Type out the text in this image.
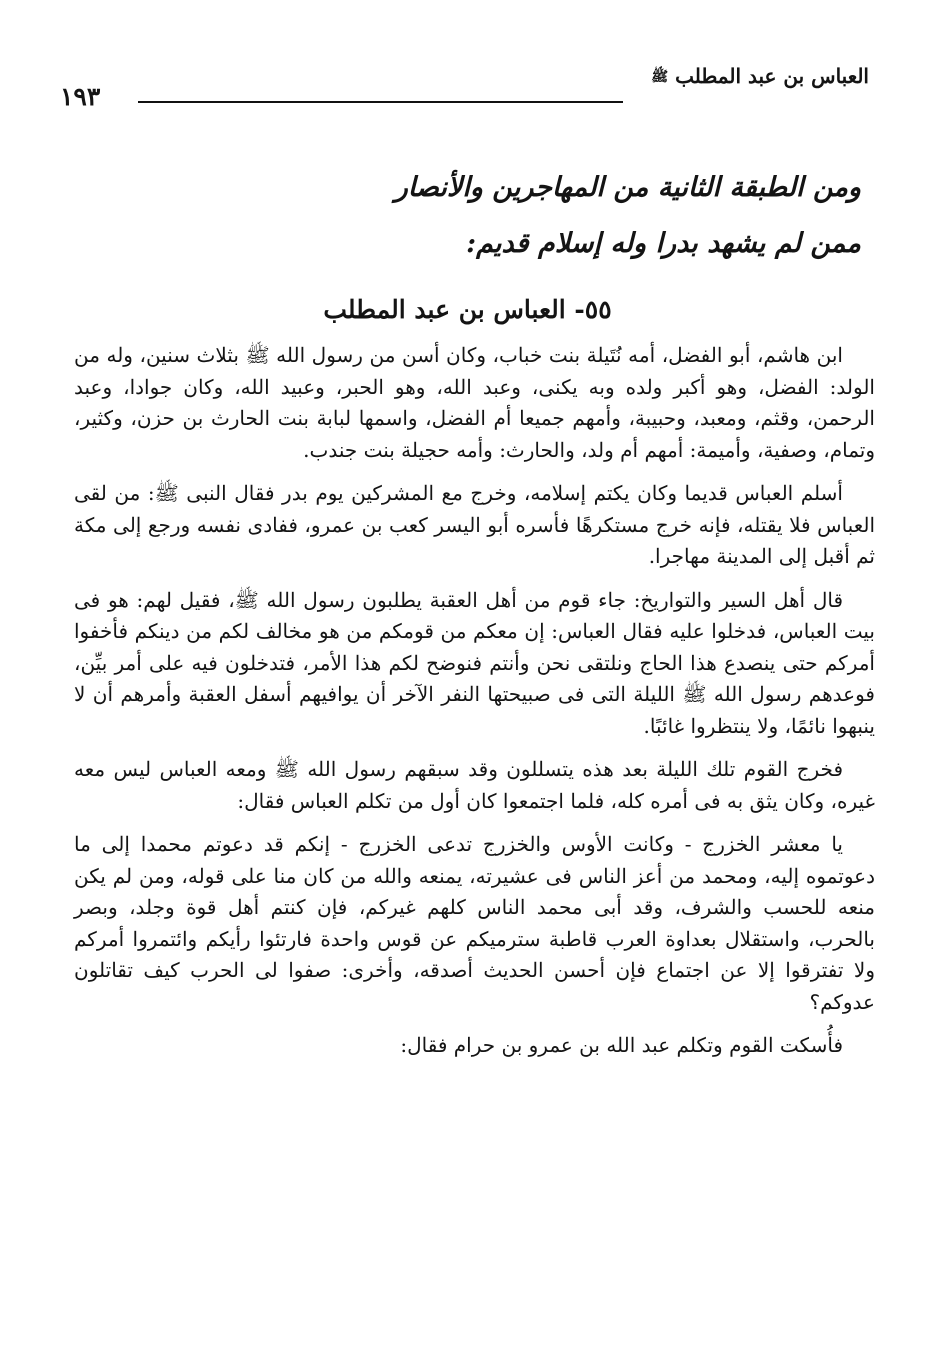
العباس بن عبد المطلب ﷺ
١٩٣
ومن الطبقة الثانية من المهاجرين والأنصار
ممن لم يشهد بدرا وله إسلام قديم:
٥٥- العباس بن عبد المطلب

ابن هاشم، أبو الفضل، أمه نُتَيلة بنت خباب، وكان أسن من رسول الله ﷺ بثلاث سنين، وله من الولد: الفضل، وهو أكبر ولده وبه يكنى، وعبد الله، وهو الحبر، وعبيد الله، وكان جوادا، وعبد الرحمن، وقثم، ومعبد، وحبيبة، وأمهم جميعا أم الفضل، واسمها لبابة بنت الحارث بن حزن، وكثير، وتمام، وصفية، وأميمة: أمهم أم ولد، والحارث: وأمه حجيلة بنت جندب.

أسلم العباس قديما وكان يكتم إسلامه، وخرج مع المشركين يوم بدر فقال النبى ﷺ: من لقى العباس فلا يقتله، فإنه خرج مستكرهًا فأسره أبو اليسر كعب بن عمرو، ففادى نفسه ورجع إلى مكة ثم أقبل إلى المدينة مهاجرا.

قال أهل السير والتواريخ: جاء قوم من أهل العقبة يطلبون رسول الله ﷺ، فقيل لهم: هو فى بيت العباس، فدخلوا عليه فقال العباس: إن معكم من قومكم من هو مخالف لكم من دينكم فأخفوا أمركم حتى ينصدع هذا الحاج ونلتقى نحن وأنتم فنوضح لكم هذا الأمر، فتدخلون فيه على أمر بيِّن، فوعدهم رسول الله ﷺ الليلة التى فى صبيحتها النفر الآخر أن يوافيهم أسفل العقبة وأمرهم أن لا ينبهوا نائمًا، ولا ينتظروا غائبًا.

فخرج القوم تلك الليلة بعد هذه يتسللون وقد سبقهم رسول الله ﷺ ومعه العباس ليس معه غيره، وكان يثق به فى أمره كله، فلما اجتمعوا كان أول من تكلم العباس فقال:

يا معشر الخزرج - وكانت الأوس والخزرج تدعى الخزرج - إنكم قد دعوتم محمدا إلى ما دعوتموه إليه، ومحمد من أعز الناس فى عشيرته، يمنعه والله من كان منا على قوله، ومن لم يكن منعه للحسب والشرف، وقد أبى محمد الناس كلهم غيركم، فإن كنتم أهل قوة وجلد، وبصر بالحرب، واستقلال بعداوة العرب قاطبة سترميكم عن قوس واحدة فارتئوا رأيكم وائتمروا أمركم ولا تفترقوا إلا عن اجتماع فإن أحسن الحديث أصدقه، وأخرى: صفوا لى الحرب كيف تقاتلون عدوكم؟

فأُسكت القوم وتكلم عبد الله بن عمرو بن حرام فقال:
